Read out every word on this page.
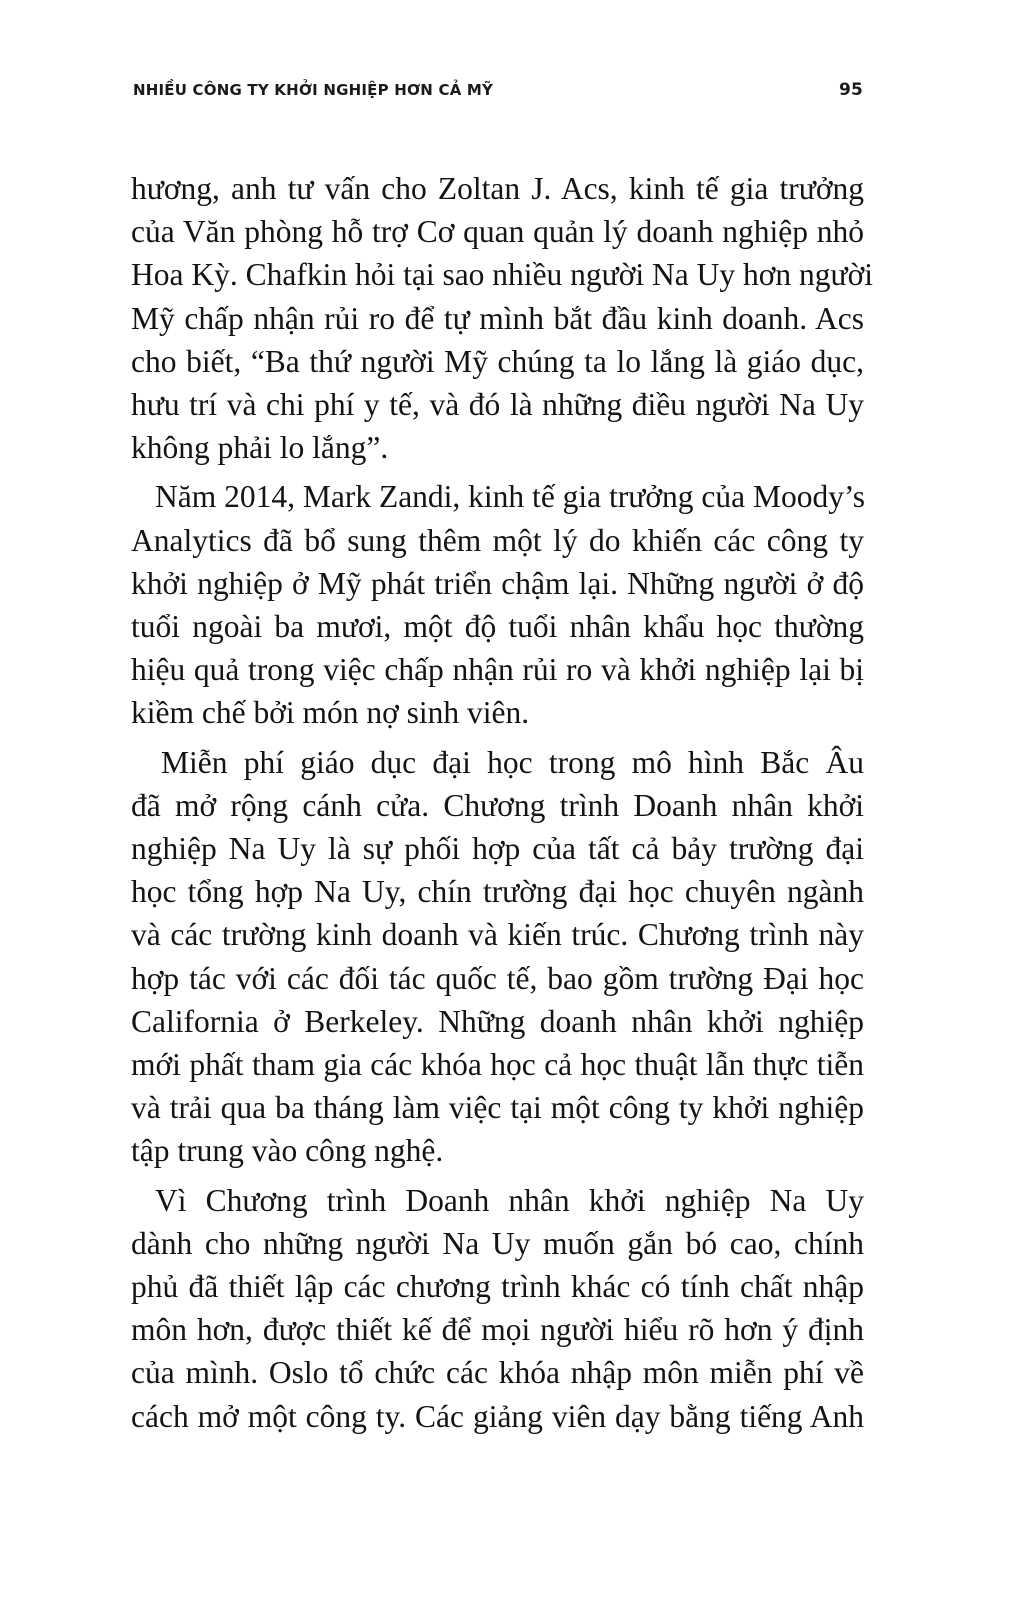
NHIỀU CÔNG TY KHỞI NGHIỆP HƠN CẢ MỸ	95
hương, anh tư vấn cho Zoltan J. Acs, kinh tế gia trưởng
của Văn phòng hỗ trợ Cơ quan quản lý doanh nghiệp nhỏ
Hoa Kỳ. Chafkin hỏi tại sao nhiều người Na Uy hơn người
Mỹ chấp nhận rủi ro để tự mình bắt đầu kinh doanh. Acs
cho biết, “Ba thứ người Mỹ chúng ta lo lắng là giáo dục,
hưu trí và chi phí y tế, và đó là những điều người Na Uy
không phải lo lắng”.
Năm 2014, Mark Zandi, kinh tế gia trưởng của Moody’s
Analytics đã bổ sung thêm một lý do khiến các công ty
khởi nghiệp ở Mỹ phát triển chậm lại. Những người ở độ
tuổi ngoài ba mươi, một độ tuổi nhân khẩu học thường
hiệu quả trong việc chấp nhận rủi ro và khởi nghiệp lại bị
kiềm chế bởi món nợ sinh viên.
Miễn phí giáo dục đại học trong mô hình Bắc Âu
đã mở rộng cánh cửa. Chương trình Doanh nhân khởi
nghiệp Na Uy là sự phối hợp của tất cả bảy trường đại
học tổng hợp Na Uy, chín trường đại học chuyên ngành
và các trường kinh doanh và kiến trúc. Chương trình này
hợp tác với các đối tác quốc tế, bao gồm trường Đại học
California ở Berkeley. Những doanh nhân khởi nghiệp
mới phất tham gia các khóa học cả học thuật lẫn thực tiễn
và trải qua ba tháng làm việc tại một công ty khởi nghiệp
tập trung vào công nghệ.
Vì Chương trình Doanh nhân khởi nghiệp Na Uy
dành cho những người Na Uy muốn gắn bó cao, chính
phủ đã thiết lập các chương trình khác có tính chất nhập
môn hơn, được thiết kế để mọi người hiểu rõ hơn ý định
của mình. Oslo tổ chức các khóa nhập môn miễn phí về
cách mở một công ty. Các giảng viên dạy bằng tiếng Anh
